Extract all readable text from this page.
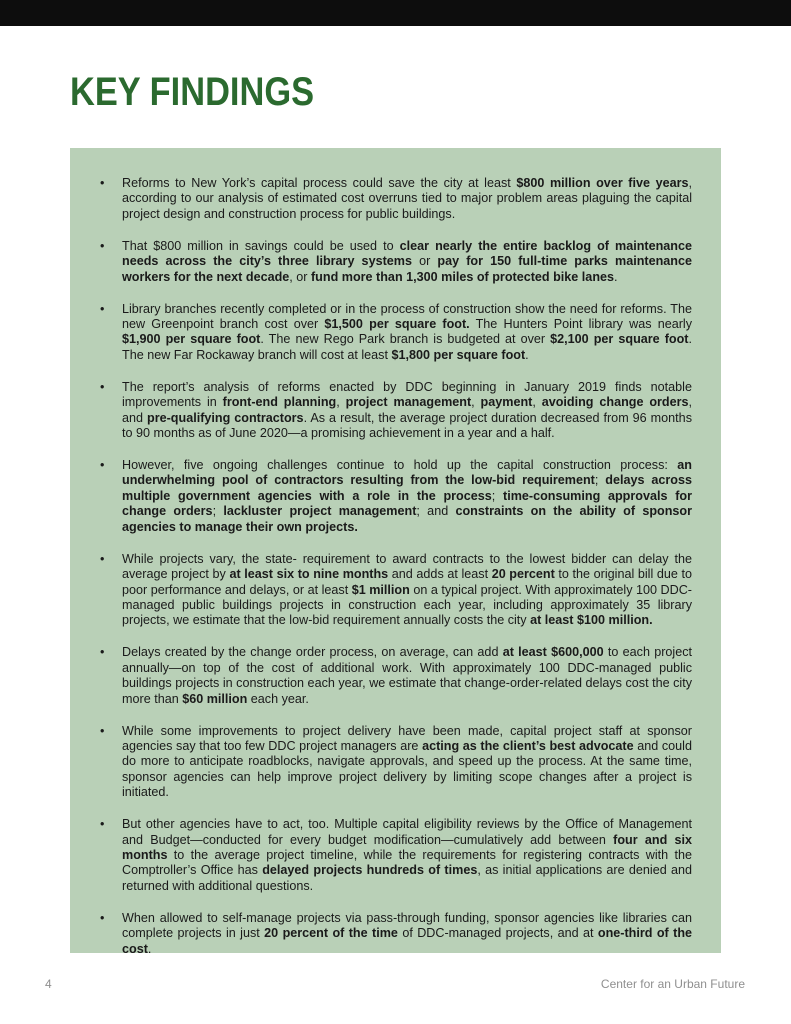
KEY FINDINGS
• Reforms to New York’s capital process could save the city at least $800 million over five years, according to our analysis of estimated cost overruns tied to major problem areas plaguing the capital project design and construction process for public buildings.
• That $800 million in savings could be used to clear nearly the entire backlog of maintenance needs across the city’s three library systems or pay for 150 full-time parks maintenance workers for the next decade, or fund more than 1,300 miles of protected bike lanes.
• Library branches recently completed or in the process of construction show the need for reforms. The new Greenpoint branch cost over $1,500 per square foot. The Hunters Point library was nearly $1,900 per square foot. The new Rego Park branch is budgeted at over $2,100 per square foot. The new Far Rockaway branch will cost at least $1,800 per square foot.
• The report’s analysis of reforms enacted by DDC beginning in January 2019 finds notable improvements in front-end planning, project management, payment, avoiding change orders, and pre-qualifying contractors. As a result, the average project duration decreased from 96 months to 90 months as of June 2020—a promising achievement in a year and a half.
• However, five ongoing challenges continue to hold up the capital construction process: an underwhelming pool of contractors resulting from the low-bid requirement; delays across multiple government agencies with a role in the process; time-consuming approvals for change orders; lackluster project management; and constraints on the ability of sponsor agencies to manage their own projects.
• While projects vary, the state- requirement to award contracts to the lowest bidder can delay the average project by at least six to nine months and adds at least 20 percent to the original bill due to poor performance and delays, or at least $1 million on a typical project. With approximately 100 DDC-managed public buildings projects in construction each year, including approximately 35 library projects, we estimate that the low-bid requirement annually costs the city at least $100 million.
• Delays created by the change order process, on average, can add at least $600,000 to each project annually—on top of the cost of additional work. With approximately 100 DDC-managed public buildings projects in construction each year, we estimate that change-order-related delays cost the city more than $60 million each year.
• While some improvements to project delivery have been made, capital project staff at sponsor agencies say that too few DDC project managers are acting as the client’s best advocate and could do more to anticipate roadblocks, navigate approvals, and speed up the process. At the same time, sponsor agencies can help improve project delivery by limiting scope changes after a project is initiated.
• But other agencies have to act, too. Multiple capital eligibility reviews by the Office of Management and Budget—conducted for every budget modification—cumulatively add between four and six months to the average project timeline, while the requirements for registering contracts with the Comptroller’s Office has delayed projects hundreds of times, as initial applications are denied and returned with additional questions.
• When allowed to self-manage projects via pass-through funding, sponsor agencies like libraries can complete projects in just 20 percent of the time of DDC-managed projects, and at one-third of the cost.
4	Center for an Urban Future
